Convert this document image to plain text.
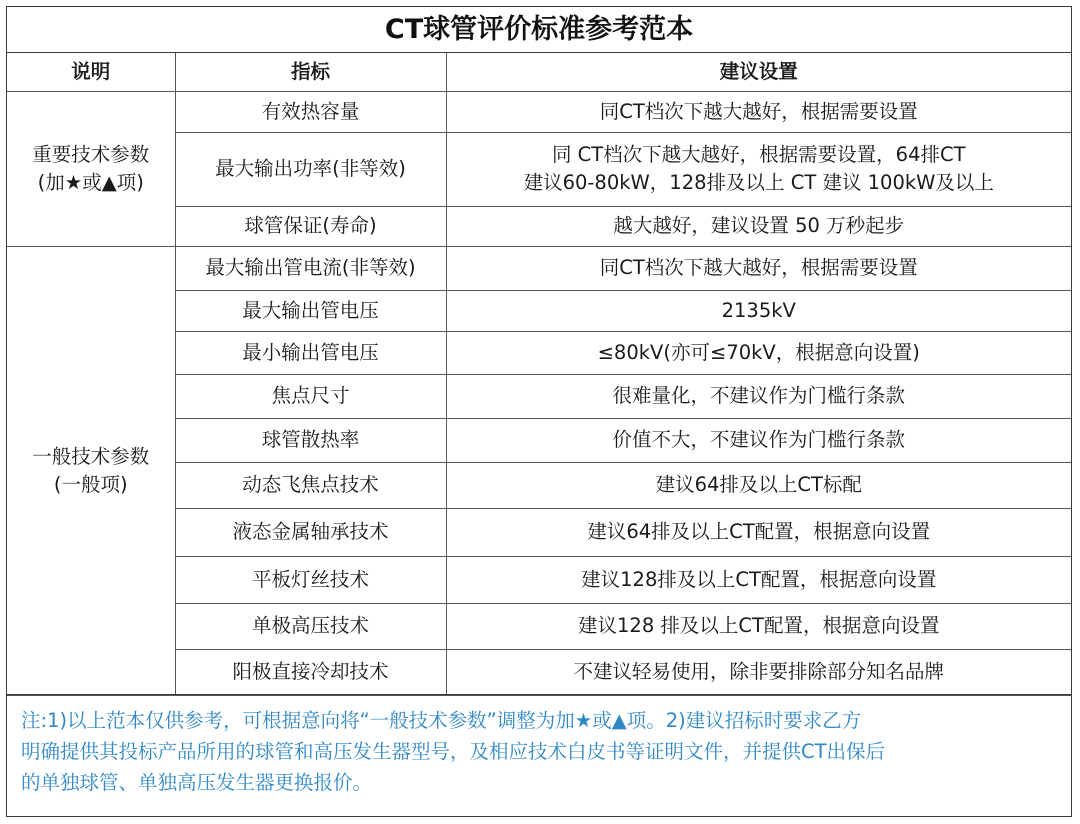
CT球管评价标准参考范本
说明	指标	建议设置

重要技术参数
(加★或▲项)	有效热容量	同CT档次下越大越好，根据需要设置
	最大输出功率(非等效)	同 CT档次下越大越好，根据需要设置，64排CT
建议60-80kW，128排及以上 CT 建议 100kW及以上

	球管保证(寿命)	越大越好，建议设置 50 万秒起步

一般技术参数
(一般项)	最大输出管电流(非等效)	同CT档次下越大越好，根据需要设置
	最大输出管电压	2135kV
	最小输出管电压	≤80kV(亦可≤70kV，根据意向设置)
	焦点尺寸	很难量化，不建议作为门槛行条款
	球管散热率	价值不大，不建议作为门槛行条款
	动态飞焦点技术	建议64排及以上CT标配
	液态金属轴承技术	建议64排及以上CT配置，根据意向设置
	平板灯丝技术	建议128排及以上CT配置，根据意向设置
	单极高压技术	建议128 排及以上CT配置，根据意向设置
	阳极直接冷却技术	不建议轻易使用，除非要排除部分知名品牌
注:1)以上范本仅供参考，可根据意向将“一般技术参数”调整为加★或▲项。2)建议招标时要求乙方
明确提供其投标产品所用的球管和高压发生器型号，及相应技术白皮书等证明文件，并提供CT出保后
的单独球管、单独高压发生器更换报价。
